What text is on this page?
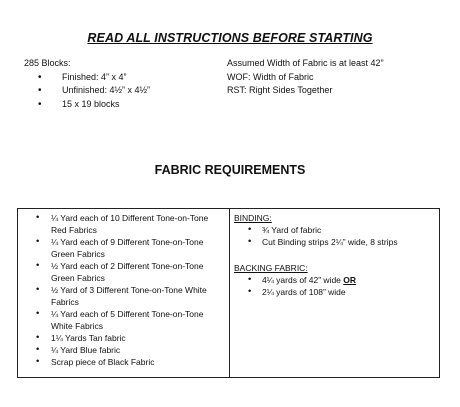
READ ALL INSTRUCTIONS BEFORE STARTING
285 Blocks:
• Finished: 4” x 4”
• Unfinished: 4½” x 4½”
• 15 x 19 blocks
Assumed Width of Fabric is at least 42”
WOF: Width of Fabric
RST: Right Sides Together
FABRIC REQUIREMENTS
• ¼ Yard each of 10 Different Tone-on-Tone Red Fabrics
• ¼ Yard each of 9 Different Tone-on-Tone Green Fabrics
• ½ Yard each of 2 Different Tone-on-Tone Green Fabrics
• ½ Yard of 3 Different Tone-on-Tone White Fabrics
• ¼ Yard each of 5 Different Tone-on-Tone White Fabrics
• 1¼ Yards Tan fabric
• ¼ Yard Blue fabric
• Scrap piece of Black Fabric
BINDING:
• ¾ Yard of fabric
• Cut Binding strips 2¼” wide, 8 strips
BACKING FABRIC:
• 4¼ yards of 42” wide OR
• 2¼ yards of 108” wide
